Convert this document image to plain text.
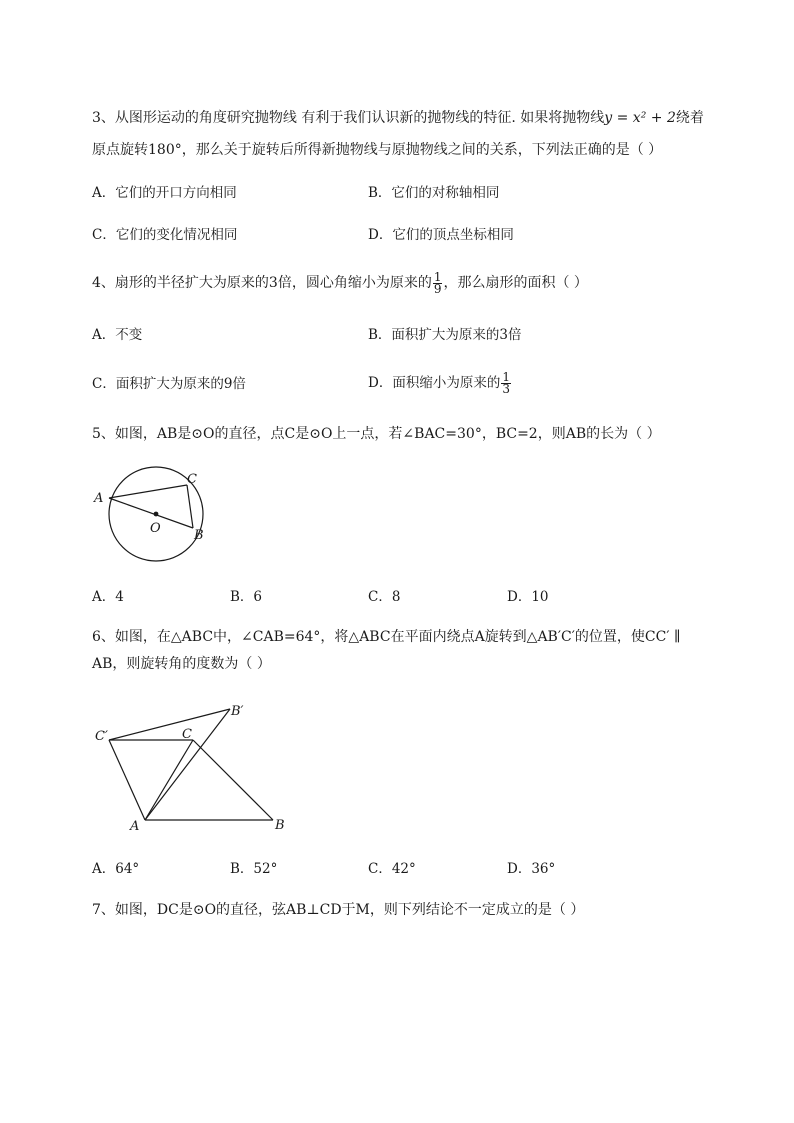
3、从图形运动的角度研究抛物线 有利于我们认识新的抛物线的特征. 如果将抛物线y = x² + 2绕着
原点旋转180°，那么关于旋转后所得新抛物线与原抛物线之间的关系，下列法正确的是（ ）
A．它们的开口方向相同	B．它们的对称轴相同
C．它们的变化情况相同	D．它们的顶点坐标相同
4、扇形的半径扩大为原来的3倍，圆心角缩小为原来的 $\frac{1}{9}$ ，那么扇形的面积（ ）
A．不变	B．面积扩大为原来的3倍
C．面积扩大为原来的9倍	D．面积缩小为原来的 $\frac{1}{3}$
5、如图，AB是⊙O的直径，点C是⊙O上一点，若∠BAC=30°，BC=2，则AB的长为（ ）
A
C
O	B
A．4	B．6	C．8	D．10
6、如图，在△ABC中，∠CAB=64°，将△ABC在平面内绕点A旋转到△AB′C′的位置，使CC′ ∥
AB，则旋转角的度数为（ ）
B′
C′	C
A	B
A．64°	B．52°	C．42°	D．36°
7、如图，DC是⊙O的直径，弦AB⊥CD于M，则下列结论不一定成立的是（ ）
